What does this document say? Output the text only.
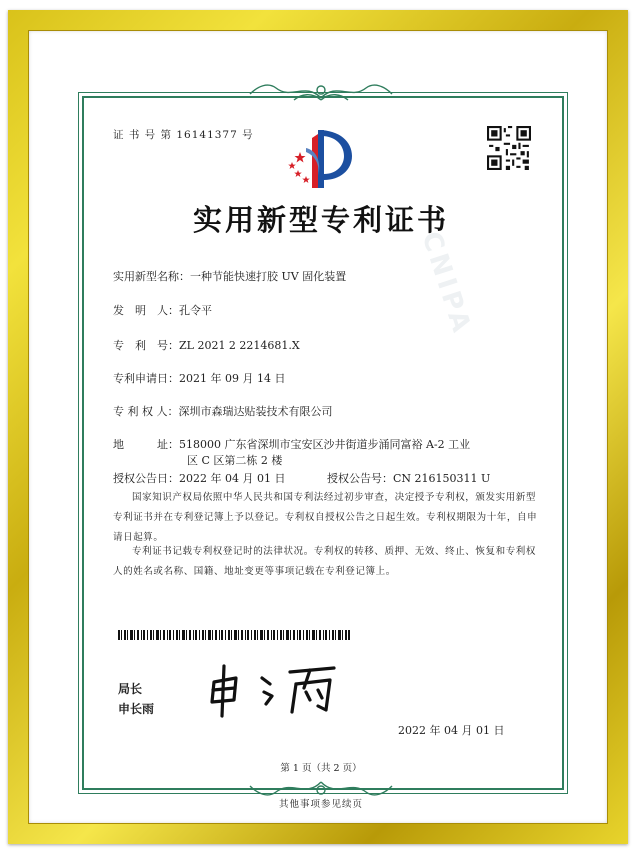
CNIPA
证 书 号 第 16141377 号
实用新型专利证书
实用新型名称：一种节能快速打胶 UV 固化装置
发　明　人：孔令平
专　利　号：ZL 2021 2 2214681.X
专利申请日：2021 年 09 月 14 日
专 利 权 人：深圳市森瑞达贴装技术有限公司
地　　　址：518000 广东省深圳市宝安区沙井街道步涌同富裕 A-2 工业
区 C 区第二栋 2 楼
授权公告日：2022 年 04 月 01 日	授权公告号：CN 216150311 U
国家知识产权局依照中华人民共和国专利法经过初步审查，决定授予专利权，颁发实用新型专利证书并在专利登记簿上予以登记。专利权自授权公告之日起生效。专利权期限为十年，自申请日起算。
专利证书记载专利权登记时的法律状况。专利权的转移、质押、无效、终止、恢复和专利权人的姓名或名称、国籍、地址变更等事项记载在专利登记簿上。
局长
申长雨
2022 年 04 月 01 日
第 1 页（共 2 页）
其他事项参见续页
